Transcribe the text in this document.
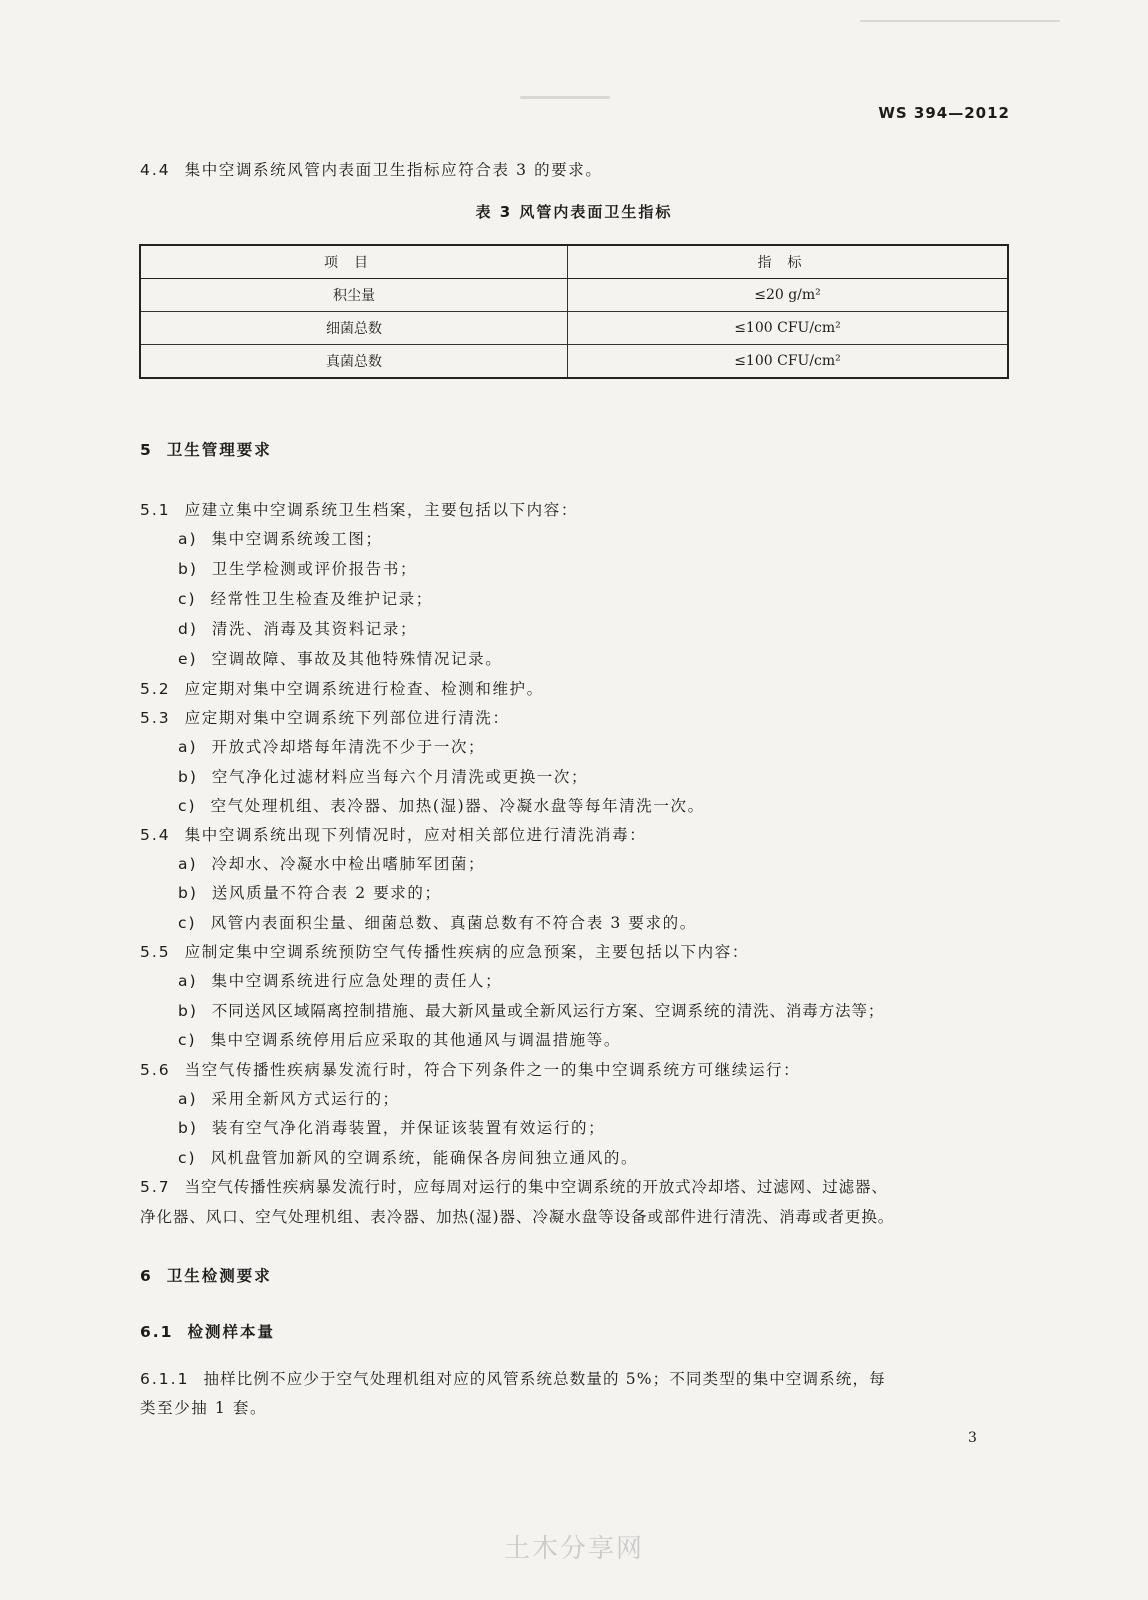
WS 394—2012
4.4 集中空调系统风管内表面卫生指标应符合表 3 的要求。
表 3 风管内表面卫生指标
项目	指标
积尘量	≤20 g/m²
细菌总数	≤100 CFU/cm²
真菌总数	≤100 CFU/cm²
5 卫生管理要求
5.1 应建立集中空调系统卫生档案，主要包括以下内容：
a) 集中空调系统竣工图；
b) 卫生学检测或评价报告书；
c) 经常性卫生检查及维护记录；
d) 清洗、消毒及其资料记录；
e) 空调故障、事故及其他特殊情况记录。
5.2 应定期对集中空调系统进行检查、检测和维护。
5.3 应定期对集中空调系统下列部位进行清洗：
a) 开放式冷却塔每年清洗不少于一次；
b) 空气净化过滤材料应当每六个月清洗或更换一次；
c) 空气处理机组、表冷器、加热(湿)器、冷凝水盘等每年清洗一次。
5.4 集中空调系统出现下列情况时，应对相关部位进行清洗消毒：
a) 冷却水、冷凝水中检出嗜肺军团菌；
b) 送风质量不符合表 2 要求的；
c) 风管内表面积尘量、细菌总数、真菌总数有不符合表 3 要求的。
5.5 应制定集中空调系统预防空气传播性疾病的应急预案，主要包括以下内容：
a) 集中空调系统进行应急处理的责任人；
b) 不同送风区域隔离控制措施、最大新风量或全新风运行方案、空调系统的清洗、消毒方法等；
c) 集中空调系统停用后应采取的其他通风与调温措施等。
5.6 当空气传播性疾病暴发流行时，符合下列条件之一的集中空调系统方可继续运行：
a) 采用全新风方式运行的；
b) 装有空气净化消毒装置，并保证该装置有效运行的；
c) 风机盘管加新风的空调系统，能确保各房间独立通风的。
5.7 当空气传播性疾病暴发流行时，应每周对运行的集中空调系统的开放式冷却塔、过滤网、过滤器、
净化器、风口、空气处理机组、表冷器、加热(湿)器、冷凝水盘等设备或部件进行清洗、消毒或者更换。
6 卫生检测要求
6.1 检测样本量
6.1.1 抽样比例不应少于空气处理机组对应的风管系统总数量的 5%；不同类型的集中空调系统，每
类至少抽 1 套。
3
土木分享网
